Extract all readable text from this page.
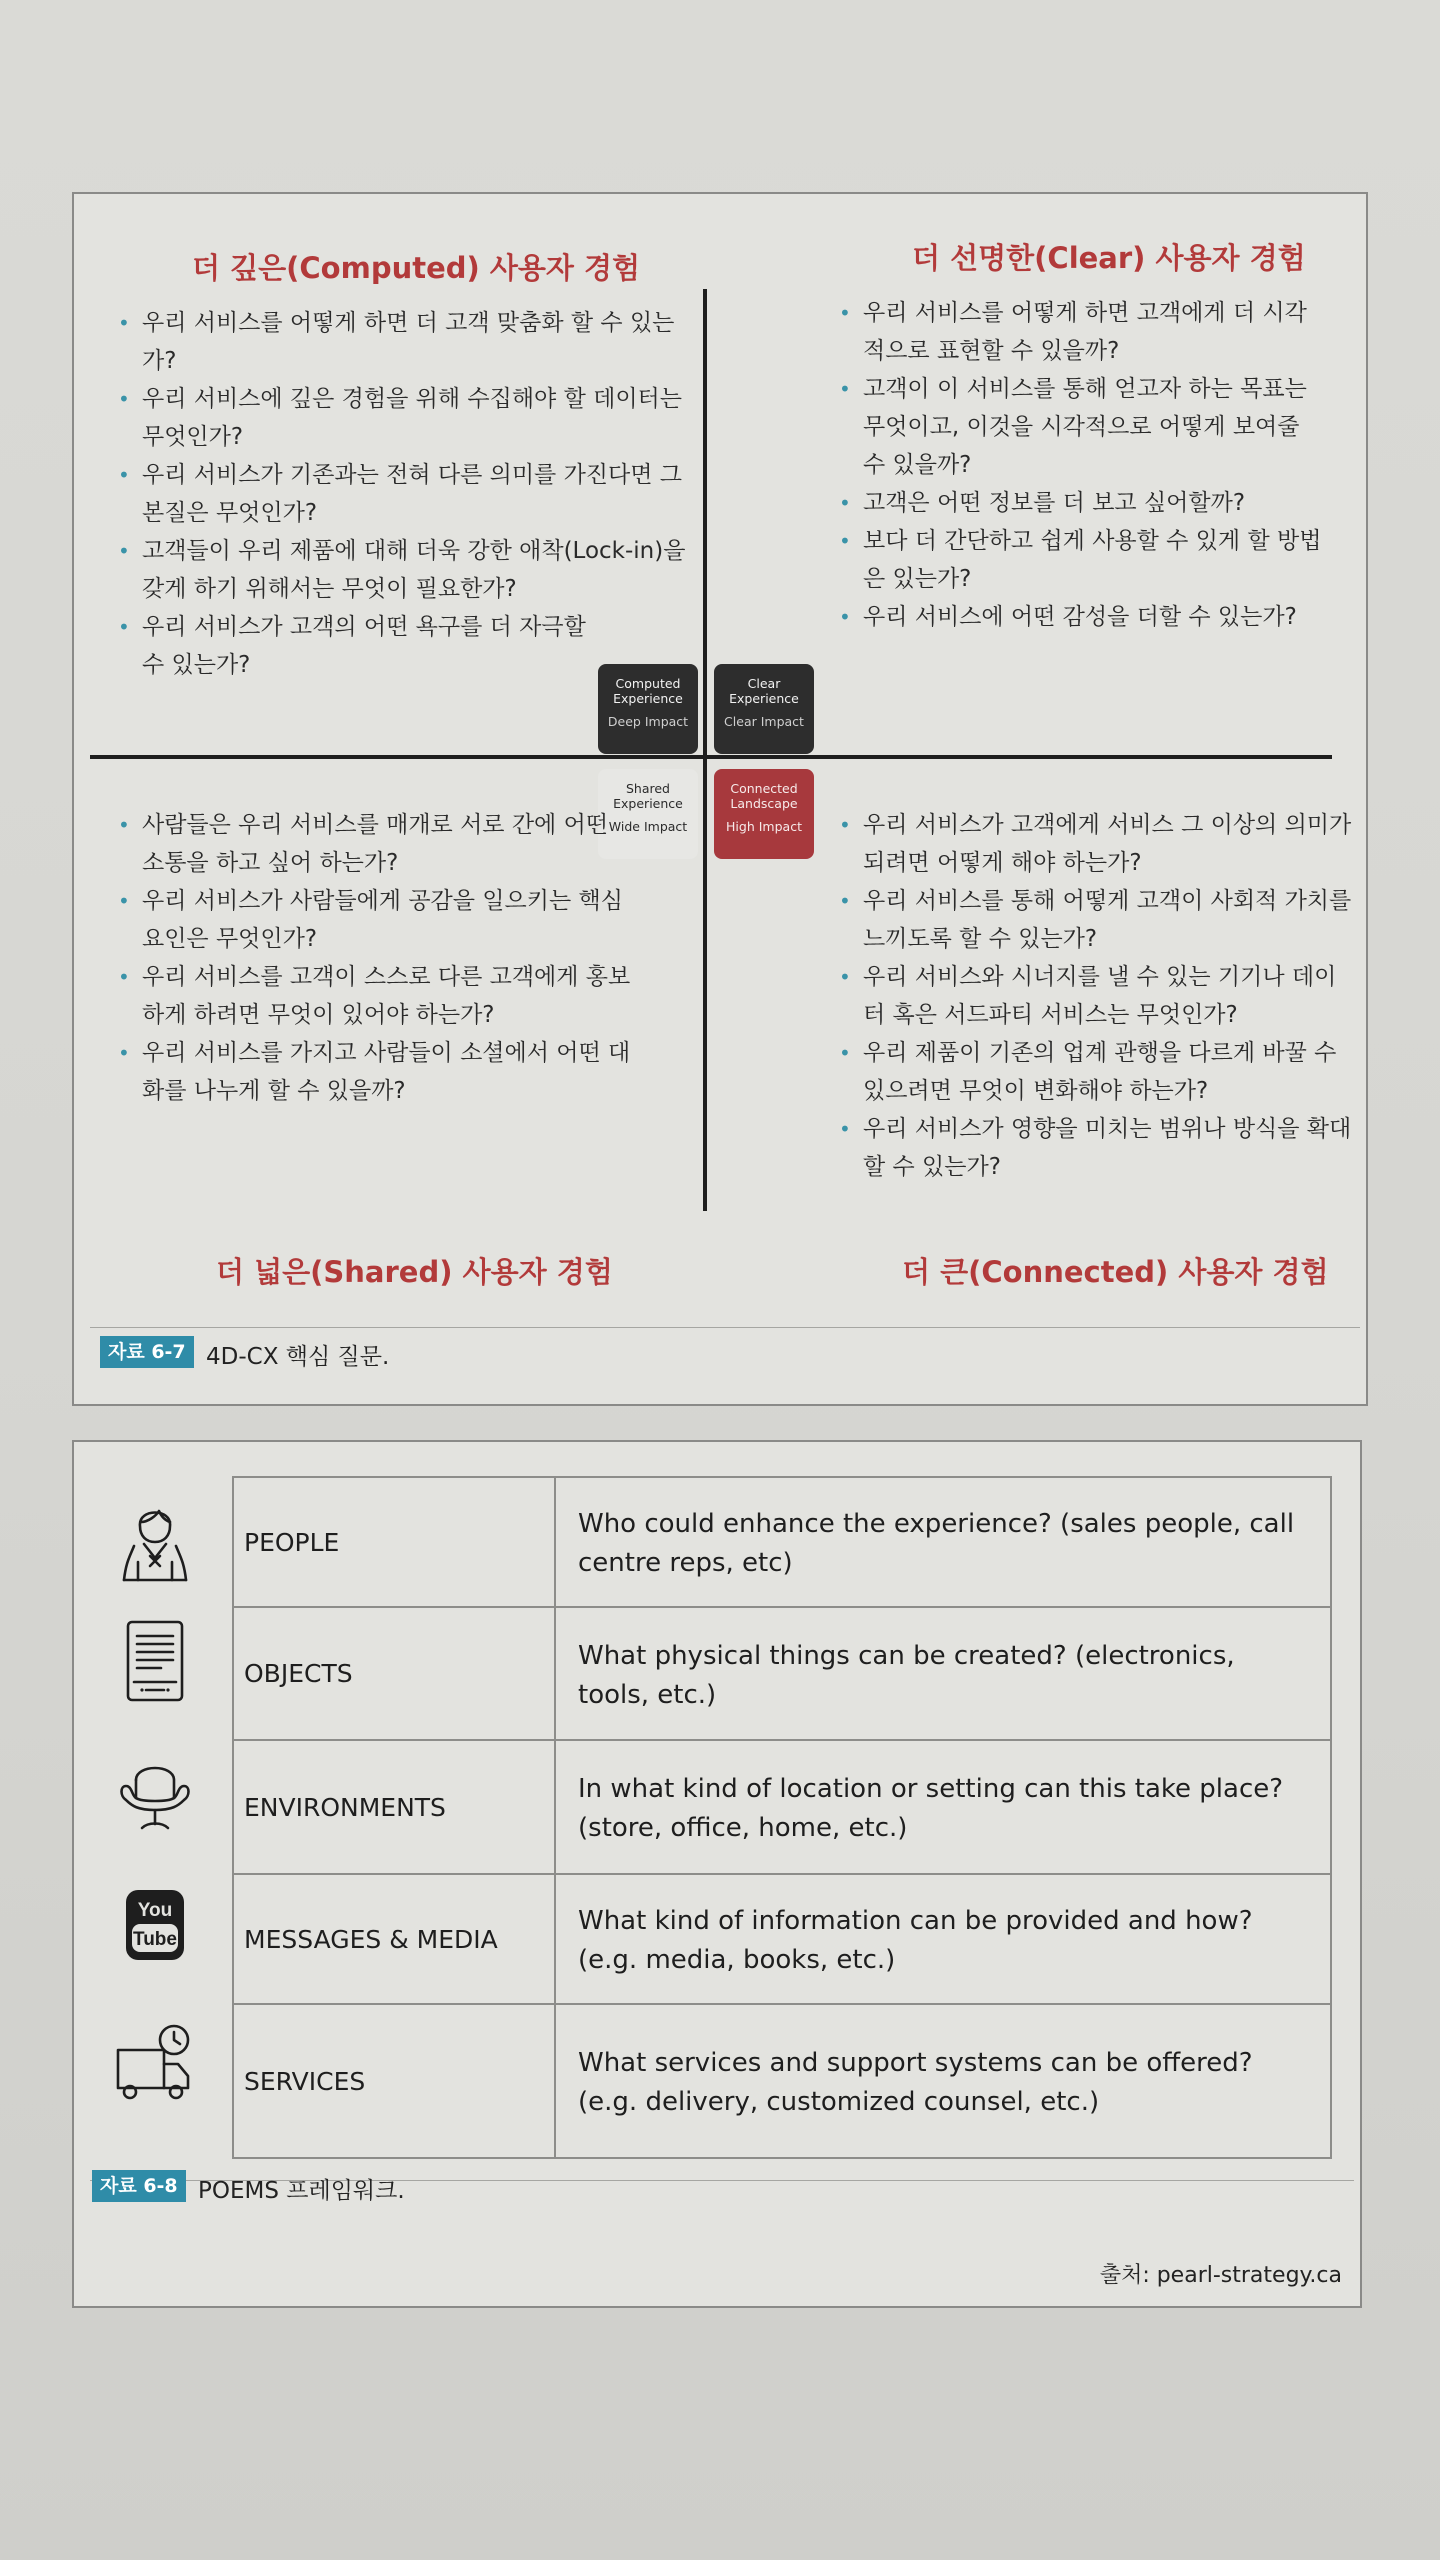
더 깊은(Computed) 사용자 경험	더 선명한(Clear) 사용자 경험
• 우리 서비스를 어떻게 하면 더 고객 맞춤화 할 수 있는가?
• 우리 서비스에 깊은 경험을 위해 수집해야 할 데이터는 무엇인가?
• 우리 서비스가 기존과는 전혀 다른 의미를 가진다면 그 본질은 무엇인가?
• 고객들이 우리 제품에 대해 더욱 강한 애착(Lock-in)을 갖게 하기 위해서는 무엇이 필요한가?
• 우리 서비스가 고객의 어떤 욕구를 더 자극할 수 있는가?
• 우리 서비스를 어떻게 하면 고객에게 더 시각적으로 표현할 수 있을까?
• 고객이 이 서비스를 통해 얻고자 하는 목표는 무엇이고, 이것을 시각적으로 어떻게 보여줄 수 있을까?
• 고객은 어떤 정보를 더 보고 싶어할까?
• 보다 더 간단하고 쉽게 사용할 수 있게 할 방법은 있는가?
• 우리 서비스에 어떤 감성을 더할 수 있는가?
Computed
Experience
Deep Impact
Clear
Experience
Clear Impact
Shared
Experience
Wide Impact
Connected
Landscape
High Impact
• 사람들은 우리 서비스를 매개로 서로 간에 어떤 소통을 하고 싶어 하는가?
• 우리 서비스가 사람들에게 공감을 일으키는 핵심 요인은 무엇인가?
• 우리 서비스를 고객이 스스로 다른 고객에게 홍보하게 하려면 무엇이 있어야 하는가?
• 우리 서비스를 가지고 사람들이 소셜에서 어떤 대화를 나누게 할 수 있을까?
• 우리 서비스가 고객에게 서비스 그 이상의 의미가 되려면 어떻게 해야 하는가?
• 우리 서비스를 통해 어떻게 고객이 사회적 가치를 느끼도록 할 수 있는가?
• 우리 서비스와 시너지를 낼 수 있는 기기나 데이터 혹은 서드파티 서비스는 무엇인가?
• 우리 제품이 기존의 업계 관행을 다르게 바꿀 수 있으려면 무엇이 변화해야 하는가?
• 우리 서비스가 영향을 미치는 범위나 방식을 확대할 수 있는가?
더 넓은(Shared) 사용자 경험	더 큰(Connected) 사용자 경험
자료 6-7 4D-CX 핵심 질문.
You
Tube
PEOPLE	Who could enhance the experience? (sales people, call centre reps, etc)
OBJECTS	What physical things can be created? (electronics, tools, etc.)
ENVIRONMENTS	In what kind of location or setting can this take place? (store, office, home, etc.)
MESSAGES & MEDIA	What kind of information can be provided and how? (e.g. media, books, etc.)
SERVICES	What services and support systems can be offered? (e.g. delivery, customized counsel, etc.)
자료 6-8 POEMS 프레임워크.
출처: pearl-strategy.ca
